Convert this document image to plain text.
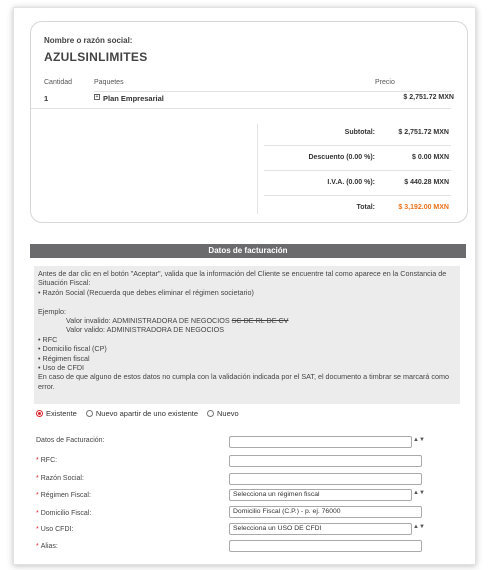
Nombre o razón social:
AZULSINLIMITES
Cantidad	Paquetes	Precio
1	+ Plan Empresarial	$ 2,751.72 MXN
Subtotal:	$ 2,751.72 MXN
Descuento (0.00 %):	$ 0.00 MXN
I.V.A. (0.00 %):	$ 440.28 MXN
Total:	$ 3,192.00 MXN
Datos de facturación
Antes de dar clic en el botón "Aceptar", valida que la información del Cliente se encuentre tal como aparece en la Constancia de Situación Fiscal:
• Razón Social (Recuerda que debes eliminar el régimen societario)

Ejemplo:
Valor invalido: ADMINISTRADORA DE NEGOCIOS SC DE RL DE CV
Valor valido: ADMINISTRADORA DE NEGOCIOS
• RFC
• Domicilio fiscal (CP)
• Régimen fiscal
• Uso de CFDI
En caso de que alguno de estos datos no cumpla con la validación indicada por el SAT, el documento a timbrar se marcará como error.
Existente	Nuevo apartir de uno existente	Nuevo
Datos de Facturación:	▲▼
* RFC:
* Razón Social:
* Régimen Fiscal:	Selecciona un régimen fiscal	▲▼
* Domicilio Fiscal:	Domicilio Fiscal (C.P.) - p. ej. 76000
* Uso CFDI:	Selecciona un USO DE CFDI	▲▼
* Alias:
